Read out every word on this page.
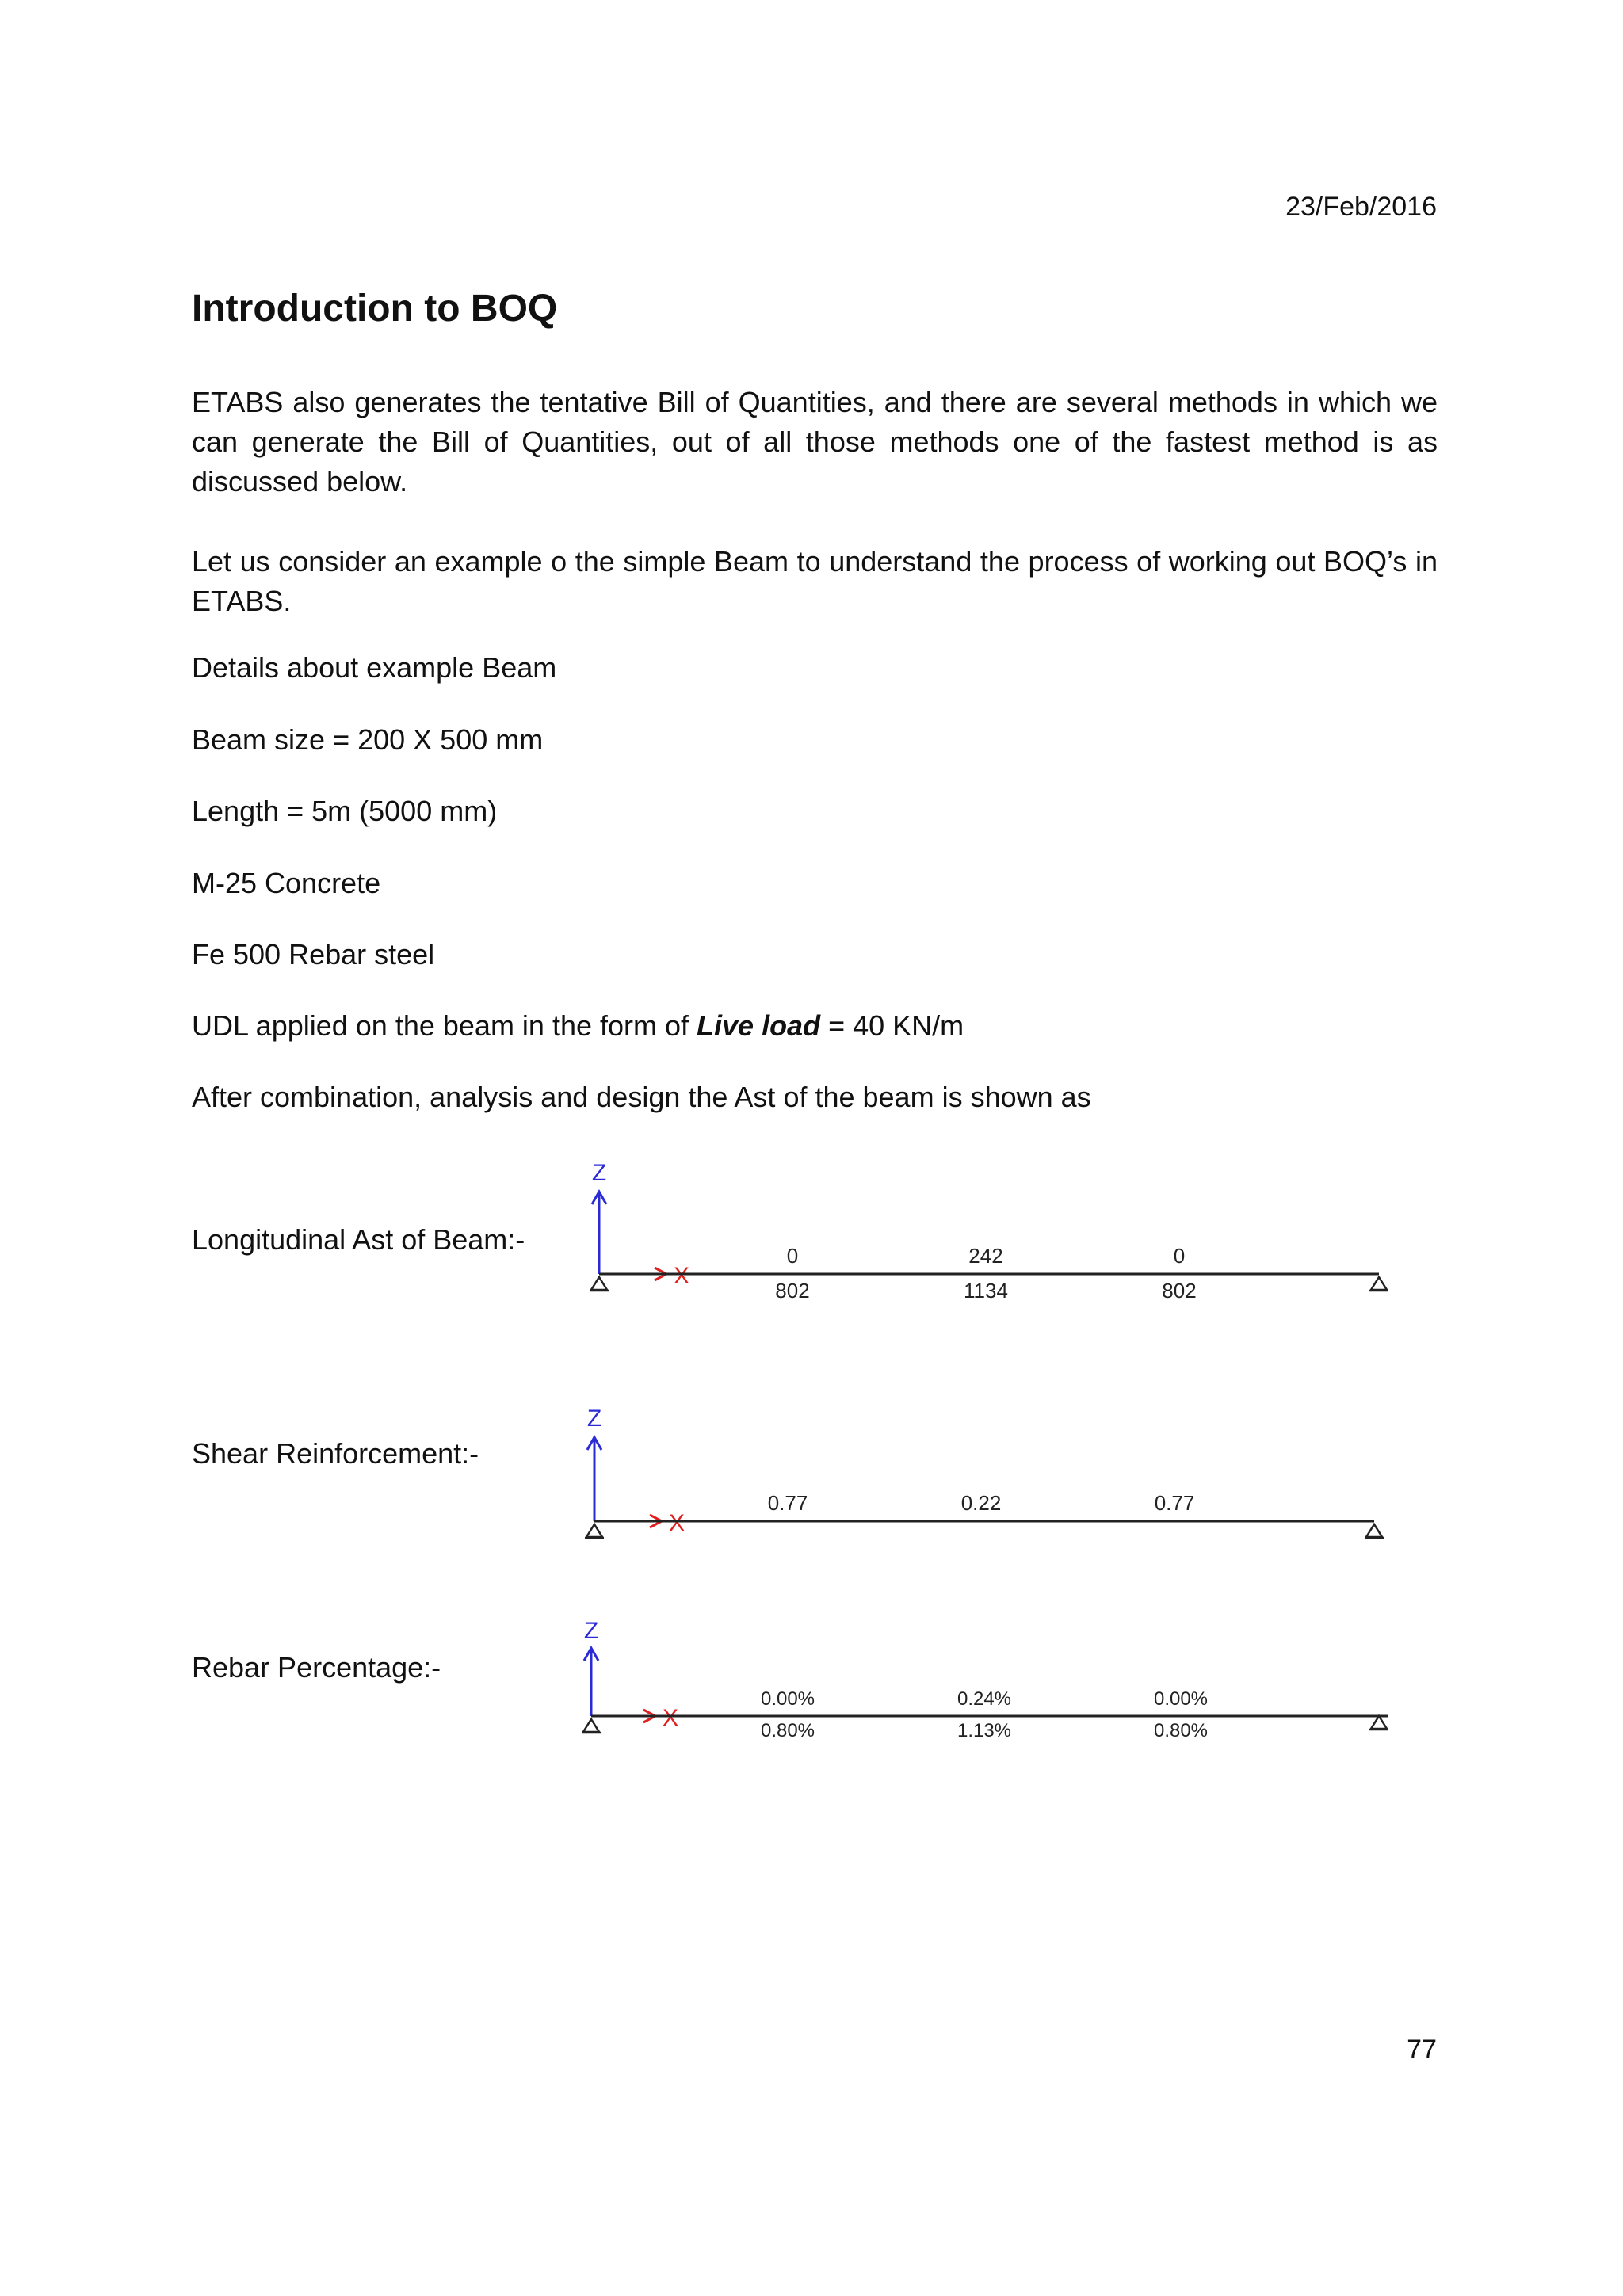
23/Feb/2016
Introduction to BOQ

ETABS also generates the tentative Bill of Quantities, and there are several methods in which we can generate the Bill of Quantities, out of all those methods one of the fastest method is as discussed below.

Let us consider an example o the simple Beam to understand the process of working out BOQ’s in ETABS.

Details about example Beam

Beam size = 200 X 500 mm

Length = 5m (5000 mm)

M-25 Concrete

Fe 500 Rebar steel

UDL applied on the beam in the form of Live load = 40 KN/m

After combination, analysis and design the Ast of the beam is shown as

Longitudinal Ast of Beam:-
Shear Reinforcement:-
Rebar Percentage:-
Z
X
0	242	0
802	1134	802
Z
X
0.77	0.22	0.77
Z
X
0.00%	0.24%	0.00%
0.80%	1.13%	0.80%
77
